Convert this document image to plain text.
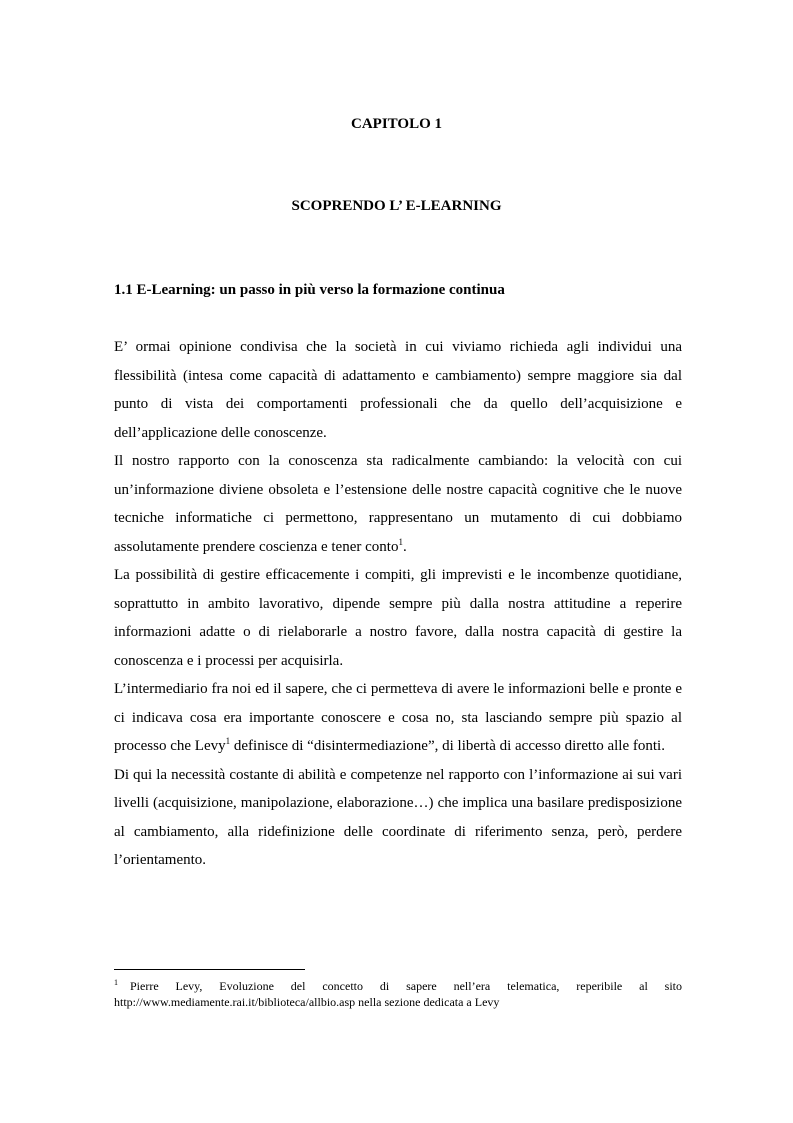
CAPITOLO 1
SCOPRENDO L’ E-LEARNING
1.1 E-Learning: un passo in più verso la formazione continua

E’ ormai opinione condivisa che la società in cui viviamo richieda agli individui una flessibilità (intesa come capacità di adattamento e cambiamento) sempre maggiore sia dal punto di vista dei comportamenti professionali che da quello dell’acquisizione e dell’applicazione delle conoscenze.

Il nostro rapporto con la conoscenza sta radicalmente cambiando: la velocità con cui un’informazione diviene obsoleta e l’estensione delle nostre capacità cognitive che le nuove tecniche informatiche ci permettono, rappresentano un mutamento di cui dobbiamo assolutamente prendere coscienza e tener conto$^1$.

La possibilità di gestire efficacemente i compiti, gli imprevisti e le incombenze quotidiane, soprattutto in ambito lavorativo, dipende sempre più dalla nostra attitudine a reperire informazioni adatte o di rielaborarle a nostro favore, dalla nostra capacità di gestire la conoscenza e i processi per acquisirla.

L’intermediario fra noi ed il sapere, che ci permetteva di avere le informazioni belle e pronte e ci indicava cosa era importante conoscere e cosa no, sta lasciando sempre più spazio al processo che Levy$^1$ definisce di “disintermediazione”, di libertà di accesso diretto alle fonti.

Di qui la necessità costante di abilità e competenze nel rapporto con l’informazione ai sui vari livelli (acquisizione, manipolazione, elaborazione…) che implica una basilare predisposizione al cambiamento, alla ridefinizione delle coordinate di riferimento senza, però, perdere l’orientamento.

$^1$ Pierre Levy, Evoluzione del concetto di sapere nell’era telematica, reperibile al sito http://www.mediamente.rai.it/biblioteca/allbio.asp nella sezione dedicata a Levy
